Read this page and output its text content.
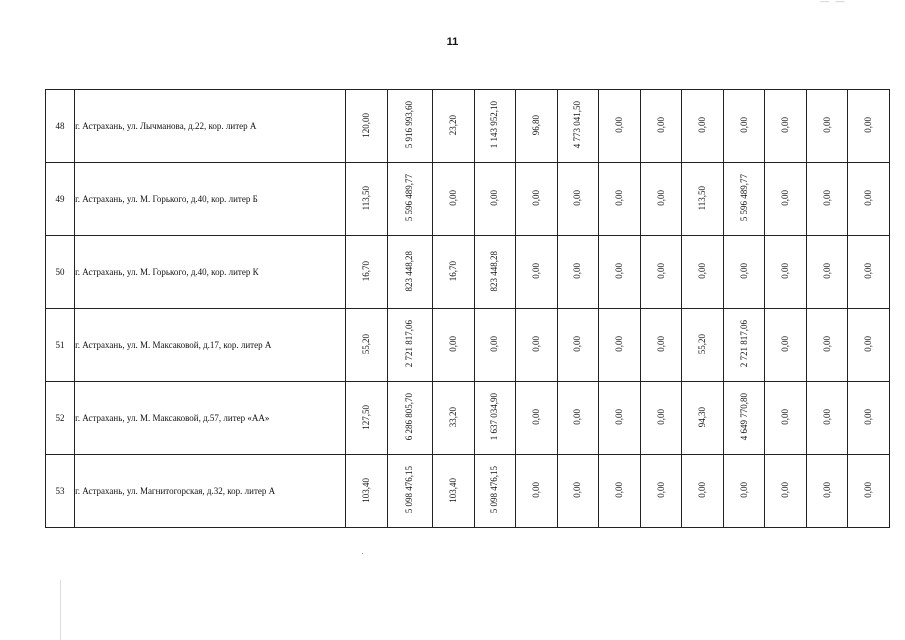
— —
11
48	г. Астрахань, ул. Лычманова, д.22, кор. литер А	120,00	5 916 993,60	23,20	1 143 952,10	96,80	4 773 041,50	0,00	0,00	0,00	0,00	0,00	0,00	0,00
49	г. Астрахань, ул. М. Горького, д.40, кор. литер Б	113,50	5 596 489,77	0,00	0,00	0,00	0,00	0,00	0,00	113,50	5 596 489,77	0,00	0,00	0,00
50	г. Астрахань, ул. М. Горького, д.40, кор. литер К	16,70	823 448,28	16,70	823 448,28	0,00	0,00	0,00	0,00	0,00	0,00	0,00	0,00	0,00
51	г. Астрахань, ул. М. Максаковой, д.17, кор. литер А	55,20	2 721 817,06	0,00	0,00	0,00	0,00	0,00	0,00	55,20	2 721 817,06	0,00	0,00	0,00
52	г. Астрахань, ул. М. Максаковой, д.57, литер «АА»	127,50	6 286 805,70	33,20	1 637 034,90	0,00	0,00	0,00	0,00	94,30	4 649 770,80	0,00	0,00	0,00
53	г. Астрахань, ул. Магнитогорская, д.32, кор. литер А	103,40	5 098 476,15	103,40	5 098 476,15	0,00	0,00	0,00	0,00	0,00	0,00	0,00	0,00	0,00
